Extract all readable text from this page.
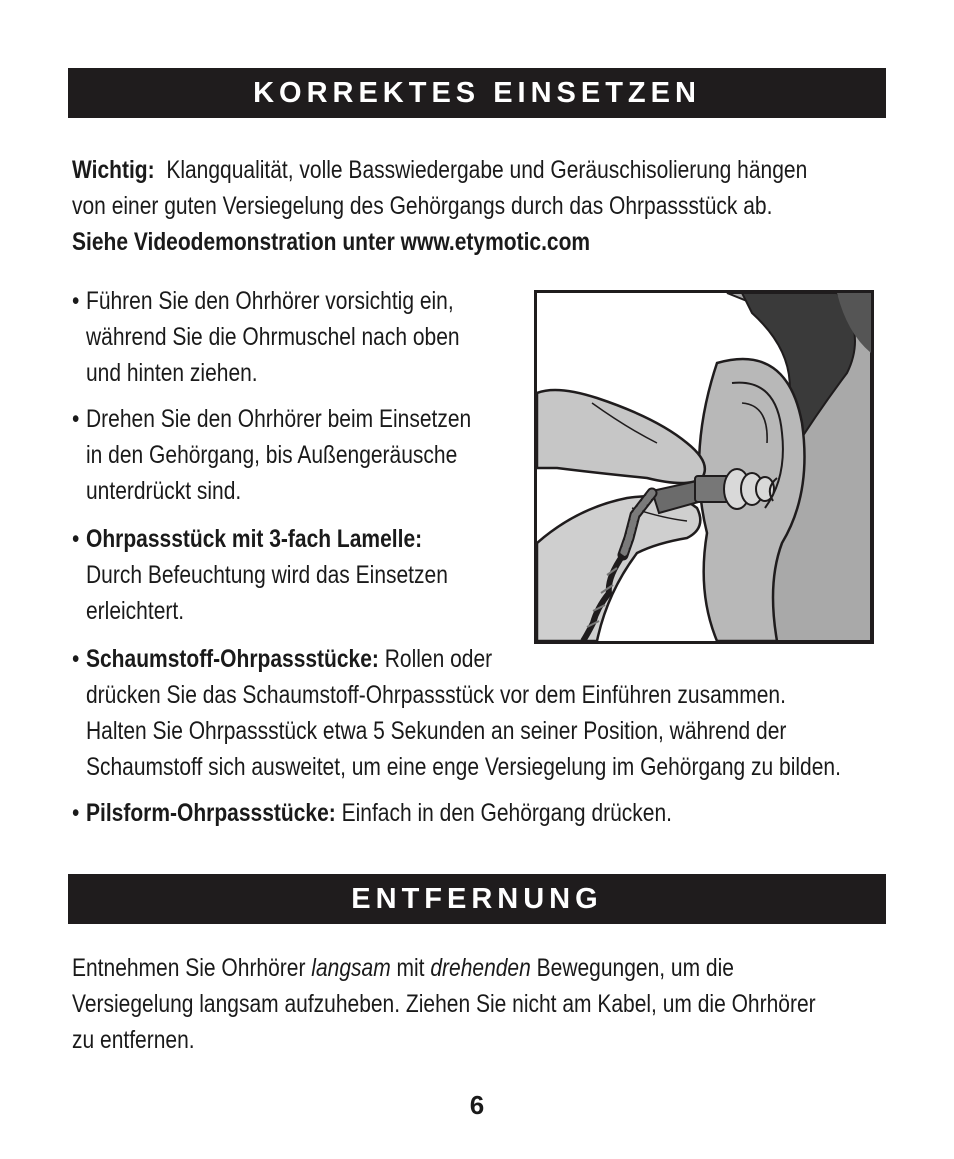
KORREKTES EINSETZEN
Wichtig: Klangqualität, volle Basswiedergabe und Geräuschisolierung hängen
von einer guten Versiegelung des Gehörgangs durch das Ohrpassstück ab.
Siehe Videodemonstration unter www.etymotic.com
• Führen Sie den Ohrhörer vorsichtig ein,
während Sie die Ohrmuschel nach oben
und hinten ziehen.
• Drehen Sie den Ohrhörer beim Einsetzen
in den Gehörgang, bis Außengeräusche
unterdrückt sind.
• Ohrpassstück mit 3-fach Lamelle:
Durch Befeuchtung wird das Einsetzen
erleichtert.
• Schaumstoff-Ohrpassstücke: Rollen oder
drücken Sie das Schaumstoff-Ohrpassstück vor dem Einführen zusammen.
Halten Sie Ohrpassstück etwa 5 Sekunden an seiner Position, während der
Schaumstoff sich ausweitet, um eine enge Versiegelung im Gehörgang zu bilden.
• Pilsform-Ohrpassstücke: Einfach in den Gehörgang drücken.
ENTFERNUNG
Entnehmen Sie Ohrhörer langsam mit drehenden Bewegungen, um die
Versiegelung langsam aufzuheben. Ziehen Sie nicht am Kabel, um die Ohrhörer
zu entfernen.
6
